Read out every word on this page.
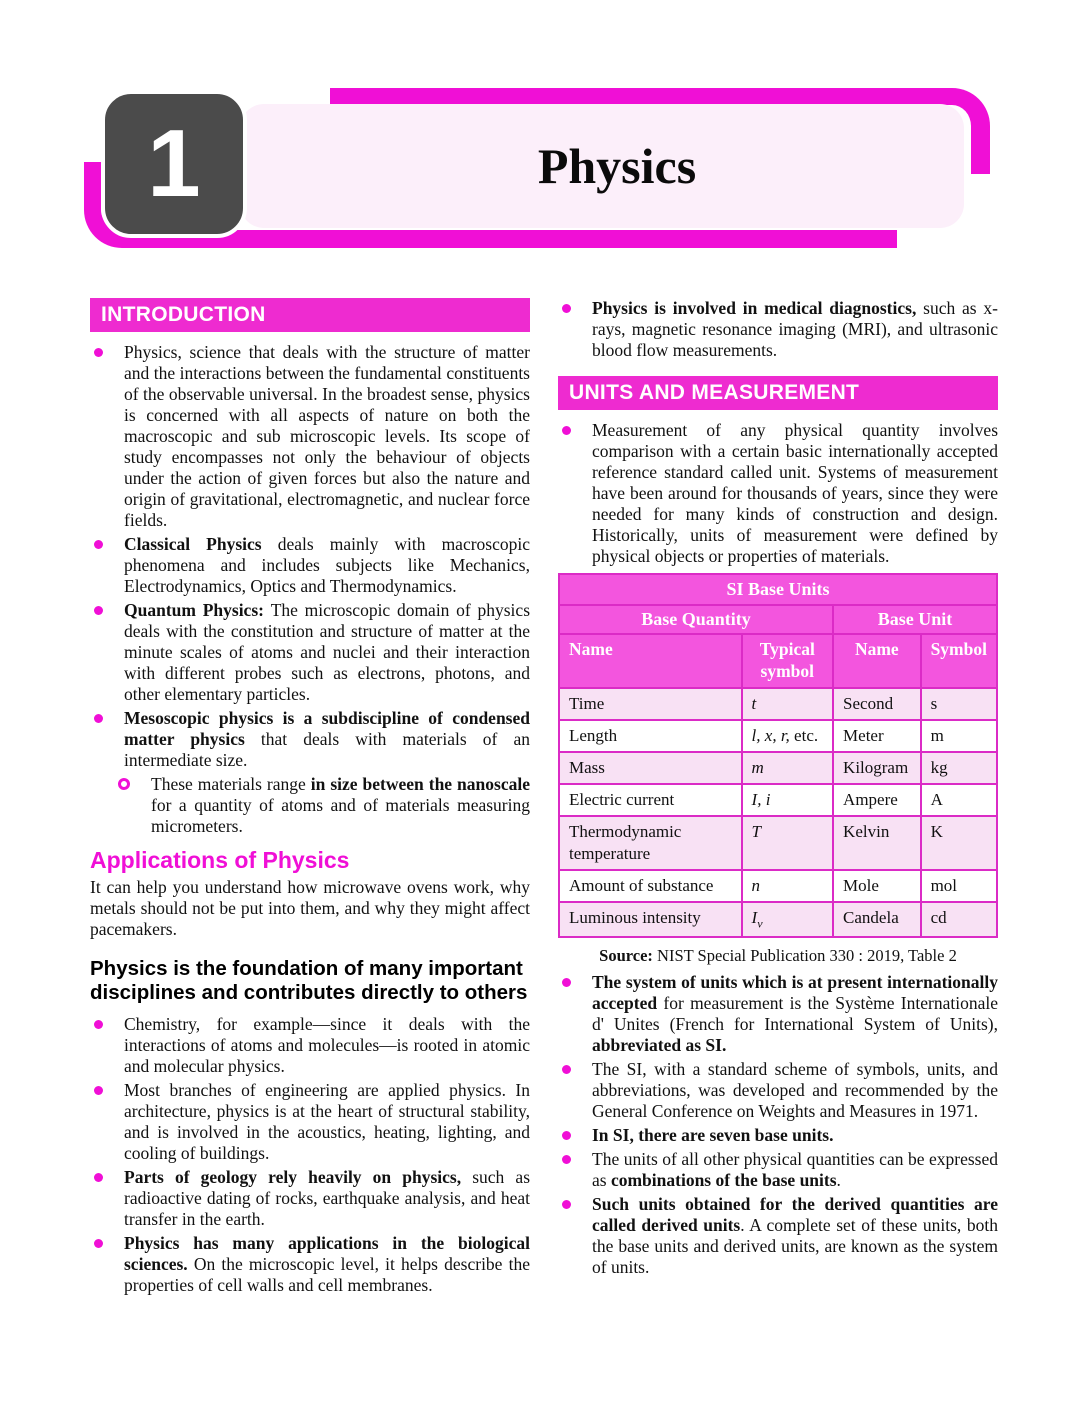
Physics
1
INTRODUCTION
Physics, science that deals with the structure of matter and the interactions between the fundamental constituents of the observable universal. In the broadest sense, physics is concerned with all aspects of nature on both the macroscopic and sub microscopic levels. Its scope of study encompasses not only the behaviour of objects under the action of given forces but also the nature and origin of gravitational, electromagnetic, and nuclear force fields.
Classical Physics deals mainly with macroscopic phenomena and includes subjects like Mechanics, Electrodynamics, Optics and Thermodynamics.
Quantum Physics: The microscopic domain of physics deals with the constitution and structure of matter at the minute scales of atoms and nuclei and their interaction with different probes such as electrons, photons, and other elementary particles.
Mesoscopic physics is a subdiscipline of condensed matter physics that deals with materials of an intermediate size.
These materials range in size between the nanoscale for a quantity of atoms and of materials measuring micrometers.
Applications of Physics

It can help you understand how microwave ovens work, why metals should not be put into them, and why they might affect pacemakers.

Physics is the foundation of many important disciplines and contributes directly to others
Chemistry, for example—since it deals with the interactions of atoms and molecules—is rooted in atomic and molecular physics.
Most branches of engineering are applied physics. In architecture, physics is at the heart of structural stability, and is involved in the acoustics, heating, lighting, and cooling of buildings.
Parts of geology rely heavily on physics, such as radioactive dating of rocks, earthquake analysis, and heat transfer in the earth.
Physics has many applications in the biological sciences. On the microscopic level, it helps describe the properties of cell walls and cell membranes.
Physics is involved in medical diagnostics, such as x-rays, magnetic resonance imaging (MRI), and ultrasonic blood flow measurements.
UNITS AND MEASUREMENT
Measurement of any physical quantity involves comparison with a certain basic internationally accepted reference standard called unit. Systems of measurement have been around for thousands of years, since they were needed for many kinds of construction and design. Historically, units of measurement were defined by physical objects or properties of materials.
SI Base Units			
Base Quantity		Base Unit	
Name	Typical symbol	Name	Symbol
Time	t	Second	s
Length	l, x, r, etc.	Meter	m
Mass	m	Kilogram	kg
Electric current	I, i	Ampere	A
Thermodynamic temperature	T	Kelvin	K
Amount of substance	n	Mole	mol
Luminous intensity	$I_v$	Candela	cd

Source: NIST Special Publication 330 : 2019, Table 2

The system of units which is at present internationally accepted for measurement is the Système Internationale d' Unites (French for International System of Units), abbreviated as SI.
The SI, with a standard scheme of symbols, units, and abbreviations, was developed and recommended by the General Conference on Weights and Measures in 1971.
In SI, there are seven base units.
The units of all other physical quantities can be expressed as combinations of the base units.
Such units obtained for the derived quantities are called derived units. A complete set of these units, both the base units and derived units, are known as the system of units.
